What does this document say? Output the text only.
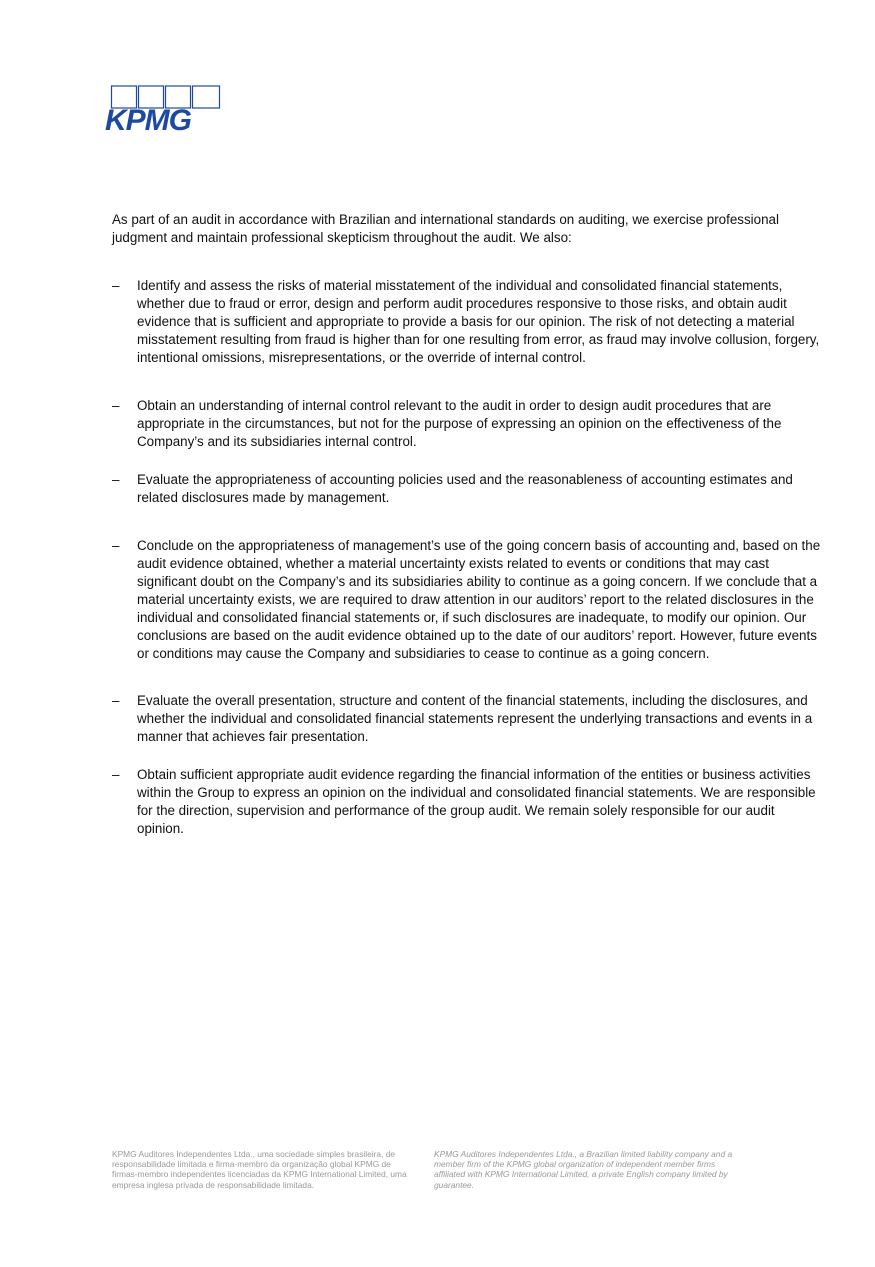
KPMG

As part of an audit in accordance with Brazilian and international standards on auditing, we exercise professional judgment and maintain professional skepticism throughout the audit. We also:

–	Identify and assess the risks of material misstatement of the individual and consolidated financial statements, whether due to fraud or error, design and perform audit procedures responsive to those risks, and obtain audit evidence that is sufficient and appropriate to provide a basis for our opinion. The risk of not detecting a material misstatement resulting from fraud is higher than for one resulting from error, as fraud may involve collusion, forgery, intentional omissions, misrepresentations, or the override of internal control.
–	Obtain an understanding of internal control relevant to the audit in order to design audit procedures that are appropriate in the circumstances, but not for the purpose of expressing an opinion on the effectiveness of the Company’s and its subsidiaries internal control.
–	Evaluate the appropriateness of accounting policies used and the reasonableness of accounting estimates and related disclosures made by management.
–	Conclude on the appropriateness of management’s use of the going concern basis of accounting and, based on the audit evidence obtained, whether a material uncertainty exists related to events or conditions that may cast significant doubt on the Company’s and its subsidiaries ability to continue as a going concern. If we conclude that a material uncertainty exists, we are required to draw attention in our auditors’ report to the related disclosures in the individual and consolidated financial statements or, if such disclosures are inadequate, to modify our opinion. Our conclusions are based on the audit evidence obtained up to the date of our auditors’ report. However, future events or conditions may cause the Company and subsidiaries to cease to continue as a going concern.
–	Evaluate the overall presentation, structure and content of the financial statements, including the disclosures, and whether the individual and consolidated financial statements represent the underlying transactions and events in a manner that achieves fair presentation.
–	Obtain sufficient appropriate audit evidence regarding the financial information of the entities or business activities within the Group to express an opinion on the individual and consolidated financial statements. We are responsible for the direction, supervision and performance of the group audit. We remain solely responsible for our audit opinion.
KPMG Auditores Independentes Ltda., uma sociedade simples brasileira, de responsabilidade limitada e firma-membro da organização global KPMG de firmas-membro independentes licenciadas da KPMG International Limited, uma empresa inglesa privada de responsabilidade limitada.
KPMG Auditores Independentes Ltda., a Brazilian limited liability company and a member firm of the KPMG global organization of independent member firms affiliated with KPMG International Limited, a private English company limited by guarantee.
